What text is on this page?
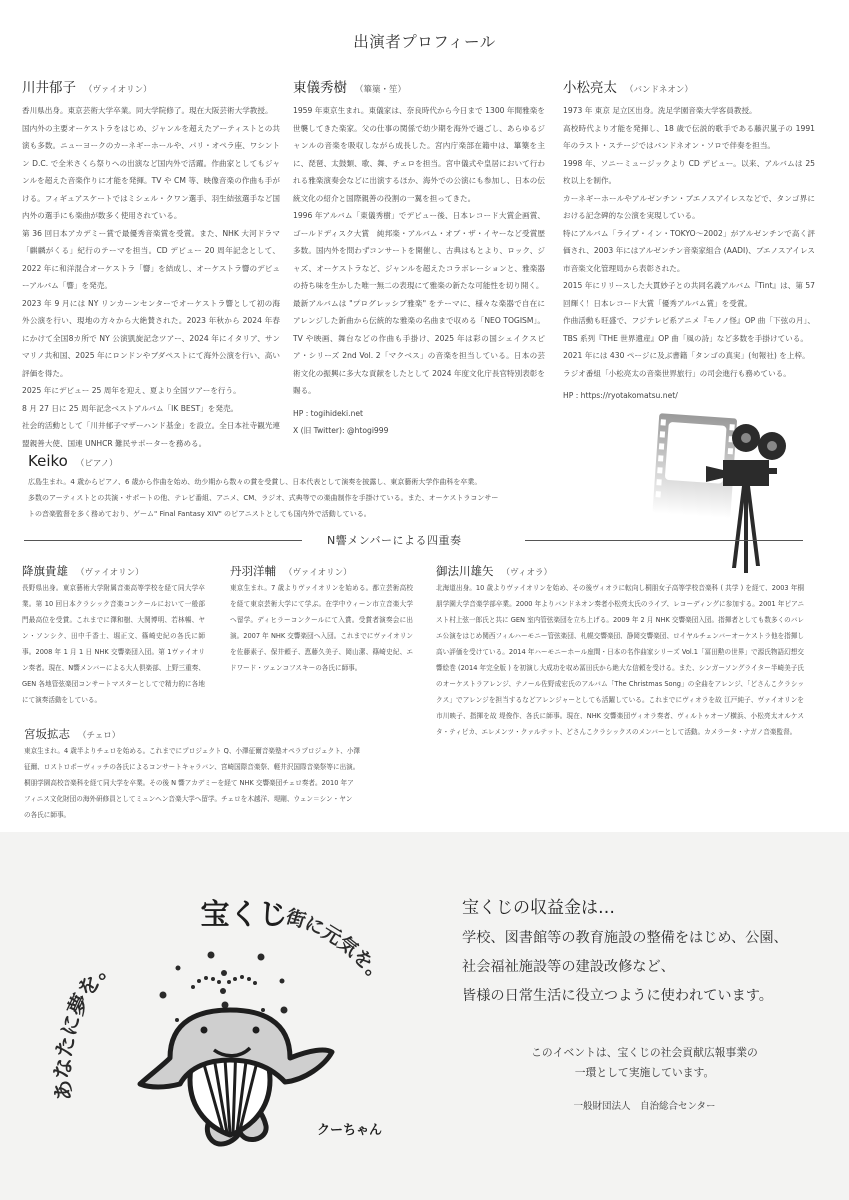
出演者プロフィール
川井郁子 （ヴァイオリン）

香川県出身。東京芸術大学卒業。同大学院修了。現在大阪芸術大学教授。

国内外の主要オーケストラをはじめ、ジャンルを超えたアーティストとの共演も多数。ニューヨークのカーネギーホールや、パリ・オペラ座、ワシントン D.C. で全米さくら祭りへの出演など国内外で活躍。作曲家としてもジャンルを超えた音楽作りに才能を発揮。TV や CM 等、映像音楽の作曲も手がける。フィギュアスケートではミシェル・クワン選手、羽生結弦選手など国内外の選手にも楽曲が数多く使用されている。

第 36 回日本アカデミー賞で最優秀音楽賞を受賞。また、NHK 大河ドラマ「麒麟がくる」紀行のテーマを担当。CD デビュー 20 周年記念として、2022 年に和洋混合オーケストラ「響」を結成し、オーケストラ響のデビューアルバム「響」を発売。

2023 年 9 月には NY リンカーンセンターでオーケストラ響として初の海外公演を行い、現地の方々から大絶賛された。2023 年秋から 2024 年春にかけて全国8カ所で NY 公演凱旋記念ツアー、2024 年にイタリア、サンマリノ共和国、2025 年にロンドンやブダペストにて海外公演を行い、高い評価を得た。

2025 年にデビュー 25 周年を迎え、夏より全国ツアーを行う。

8 月 27 日に 25 周年記念ベストアルバム「IK BEST」を発売。

社会的活動として「川井郁子マザーハンド基金」を設立。全日本社寺観光連盟親善大使、国連 UNHCR 難民サポーターを務める。

東儀秀樹 （篳篥・笙）

1959 年東京生まれ。東儀家は、奈良時代から今日まで 1300 年間雅楽を世襲してきた楽家。父の仕事の関係で幼少期を海外で過ごし、あらゆるジャンルの音楽を吸収しながら成長した。宮内庁楽部在籍中は、篳篥を主に、琵琶、太鼓類、歌、舞、チェロを担当。宮中儀式や皇居において行われる雅楽演奏会などに出演するほか、海外での公演にも参加し、日本の伝統文化の紹介と国際親善の役割の一翼を担ってきた。

1996 年アルバム「東儀秀樹」でデビュー後、日本レコード大賞企画賞、ゴールドディスク大賞　純邦楽・アルバム・オブ・ザ・イヤーなど受賞歴多数。国内外を問わずコンサートを開催し、古典はもとより、ロック、ジャズ、オーケストラなど、ジャンルを超えたコラボレーションと、雅楽器の持ち味を生かした唯一無二の表現にて雅楽の新たな可能性を切り開く。

最新アルバムは "プログレッシブ雅楽" をテーマに、様々な楽器で自在にアレンジした新曲から伝統的な雅楽の名曲まで収める「NEO TOGISM」。TV や映画、舞台などの作曲も手掛け、2025 年は彩の国シェイクスピア・シリーズ 2nd Vol. 2「マクベス」の音楽を担当している。日本の芸術文化の振興に多大な貢献をしたとして 2024 年度文化庁長官特別表彰を賜る。

HP : togihideki.net

X (旧 Twitter): @htogi999

小松亮太 （バンドネオン）

1973 年 東京 足立区出身。洗足学園音楽大学客員教授。

高校時代より才能を発揮し、18 歳で伝説的歌手である藤沢嵐子の 1991 年のラスト・ステージではバンドネオン・ソロで伴奏を担当。

1998 年、ソニーミュージックより CD デビュー。以来、アルバムは 25 枚以上を制作。

カーネギーホールやアルゼンチン・ブエノスアイレスなどで、タンゴ界における記念碑的な公演を実現している。

特にアルバム「ライブ・イン・TOKYO～2002」がアルゼンチンで高く評価され、2003 年にはアルゼンチン音楽家組合 (AADI)、ブエノスアイレス市音楽文化管理局から表彰された。

2015 年にリリースした大貫妙子との共同名義アルバム『Tint』は、第 57 回輝く！日本レコード大賞「優秀アルバム賞」を受賞。

作曲活動も旺盛で、フジテレビ系アニメ『モノノ怪』OP 曲「下弦の月」、TBS 系列『THE 世界遺産』OP 曲「風の詩」など多数を手掛けている。

2021 年には 430 ページに及ぶ書籍「タンゴの真実」(旬報社) を上梓。

ラジオ番組「小松亮太の音楽世界旅行」の司会進行も務めている。

HP : https://ryotakomatsu.net/

Keiko （ピアノ）

広島生まれ。4 歳からピアノ、6 歳から作曲を始め、幼少期から数々の賞を受賞し、日本代表として演奏を披露し、東京藝術大学作曲科を卒業。

多数のアーティストとの共演・サポートの他、テレビ番組、アニメ、CM、ラジオ、式典等での楽曲制作を手掛けている。また、オーケストラコンサー

トの音楽監督を多く務めており、ゲーム" Final Fantasy XIV" のピアニストとしても国内外で活動している。

N響メンバーによる四重奏
降旗貴雄 （ヴァイオリン）

長野県出身。東京藝術大学附属音楽高等学校を経て同大学卒業。第 10 回日本クラシック音楽コンクールにおいて一般部門最高位を受賞。これまでに澤和樹、大関博明、若林暢、ヤン・ソンシク、田中千香士、堀正文、篠崎史紀の各氏に師事。2008 年 1 月 1 日 NHK 交響楽団入団。第 1ヴァイオリン奏者。現在、N響メンバーによる大人倶楽部、上野三重奏、GEN 各地管弦楽団コンサートマスターとしてで精力的に各地にて演奏活動をしている。

丹羽洋輔 （ヴァイオリン）

東京生まれ。7 歳よりヴァイオリンを始める。都立芸術高校を経て東京芸術大学にて学ぶ。在学中ウィーン市立音楽大学へ留学。ディヒラーコンクールにて入賞。受賞者演奏会に出演。2007 年 NHK 交響楽団へ入団。これまでにヴァイオリンを佐藤素子、保井頼子、恵藤久美子、岡山潔、篠崎史紀、エドワード・ツェンコフスキーの各氏に師事。

御法川雄矢 （ヴィオラ）

北海道出身。10 歳よりヴァイオリンを始め、その後ヴィオラに転向し桐朋女子高等学校音楽科 ( 共学 ) を経て、2003 年桐朋学園大学音楽学部卒業。2000 年よりバンドネオン奏者小松亮太氏のライブ、レコーディングに参加する。2001 年ピアニスト村上弦一郎氏と共に GEN 室内管弦楽団を立ち上げる。2009 年 2 月 NHK 交響楽団入団。指揮者としても数多くのバレエ公演をはじめ関西フィルハーモニー管弦楽団、札幌交響楽団、静岡交響楽団、ロイヤルチェンバーオーケストラ他を指揮し高い評価を受けている。2014 年ハーモニーホール座間・日本の名作曲家シリーズ Vol.1「冨田勲の世界」で源氏物語幻想交響絵巻 (2014 年完全版 ) を初演し大成功を収め冨田氏から絶大な信頼を受ける。また、シンガーソングライター半崎美子氏のオーケストラアレンジ、テノール佐野成宏氏のアルバム「The Christmas Song」の全曲をアレンジ、「どさんこクラシックス」でアレンジを担当するなどアレンジャーとしても活躍している。これまでにヴィオラを故 江戸純子、ヴァイオリンを市川映子、指揮を故 堤俊作、各氏に師事。現在、NHK 交響楽団ヴィオラ奏者、ヴィルトゥオーゾ横浜、小松亮太オルケスタ・ティピカ、エレメンツ・クァルテット、どさんこクラシックスのメンバーとして活動。カメラータ・ナガノ音楽監督。

宮坂拡志 （チェロ）

東京生まれ。4 歳半よりチェロを始める。これまでにプロジェクト Q、小澤征爾音楽塾オペラプロジェクト、小澤

征爾、ロストロポーヴィッチの各氏によるコンサートキャラバン、宮崎国際音楽祭、軽井沢国際音楽祭等に出演。

桐朋学園高校音楽科を経て同大学を卒業。その後 N 響アカデミーを経て NHK 交響楽団チェロ奏者。2010 年ア

フィニス文化財団の海外研修員としてミュンヘン音楽大学へ留学。チェロを木越洋、堤剛、ウェン＝シン・ヤン

の各氏に師事。

あなたに夢を。
宝くじ
街に元気を。
クーちゃん
宝くじの収益金は…

学校、図書館等の教育施設の整備をはじめ、公園、

社会福祉施設等の建設改修など、

皆様の日常生活に役立つように使われています。

このイベントは、宝くじの社会貢献広報事業の

一環として実施しています。

一般財団法人　自治総合センター
